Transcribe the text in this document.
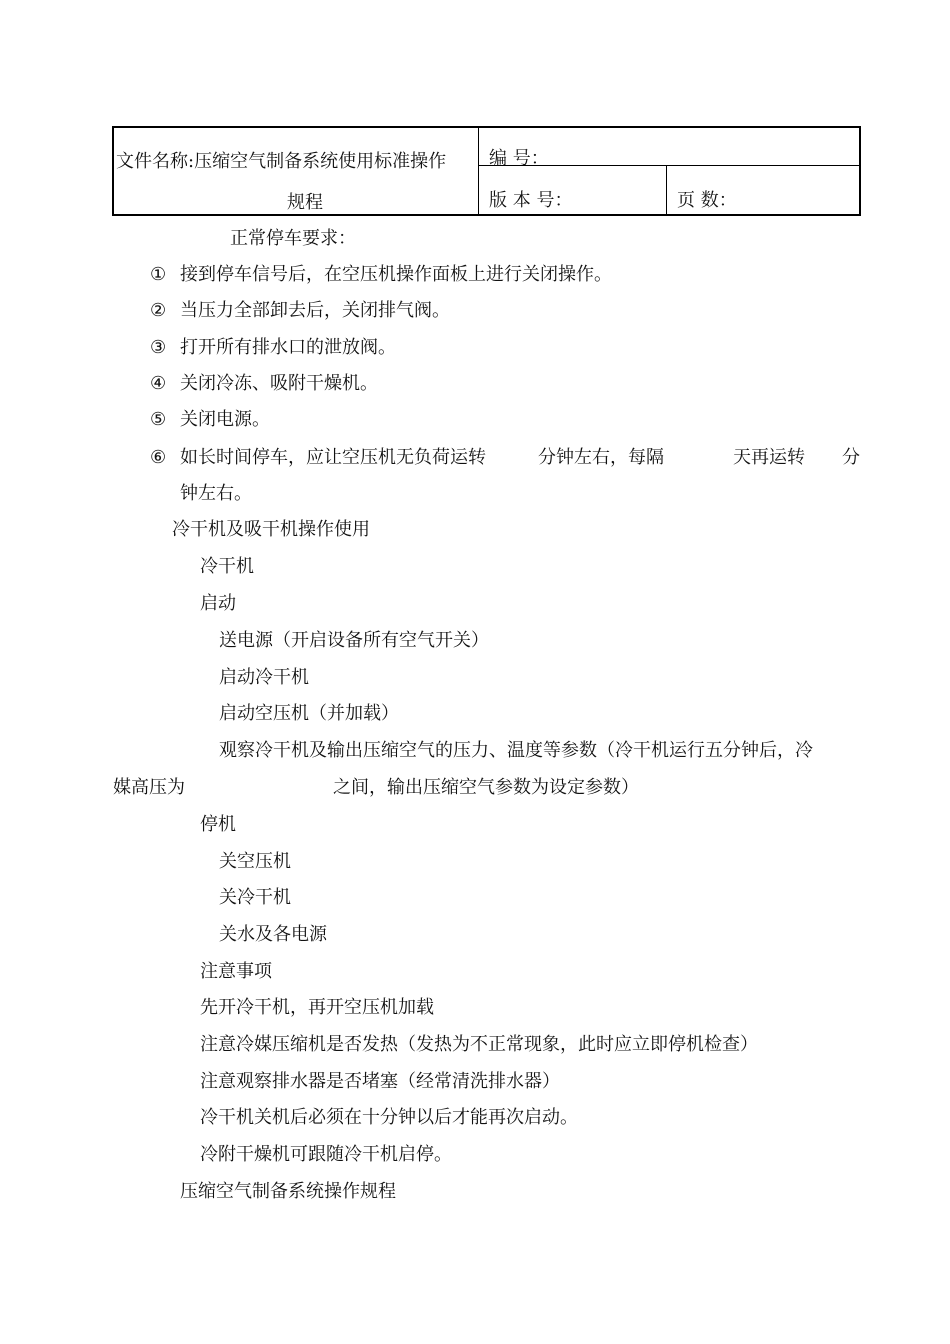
文件名称:压缩空气制备系统使用标准操作
规程
编 号：
版 本 号：	页 数：
正常停车要求：
① 接到停车信号后，在空压机操作面板上进行关闭操作。
② 当压力全部卸去后，关闭排气阀。
③ 打开所有排水口的泄放阀。
④ 关闭冷冻、吸附干燥机。
⑤ 关闭电源。
⑥ 如长时间停车，应让空压机无负荷运转	分钟左右，每隔	天再运转 分
钟左右。
冷干机及吸干机操作使用
冷干机
启动
送电源（开启设备所有空气开关）
启动冷干机
启动空压机（并加载）
观察冷干机及输出压缩空气的压力、温度等参数（冷干机运行五分钟后，冷
媒高压为	之间，输出压缩空气参数为设定参数）
停机
关空压机
关冷干机
关水及各电源
注意事项
先开冷干机，再开空压机加载
注意冷媒压缩机是否发热（发热为不正常现象，此时应立即停机检查）
注意观察排水器是否堵塞（经常清洗排水器）
冷干机关机后必须在十分钟以后才能再次启动。
冷附干燥机可跟随冷干机启停。
压缩空气制备系统操作规程
